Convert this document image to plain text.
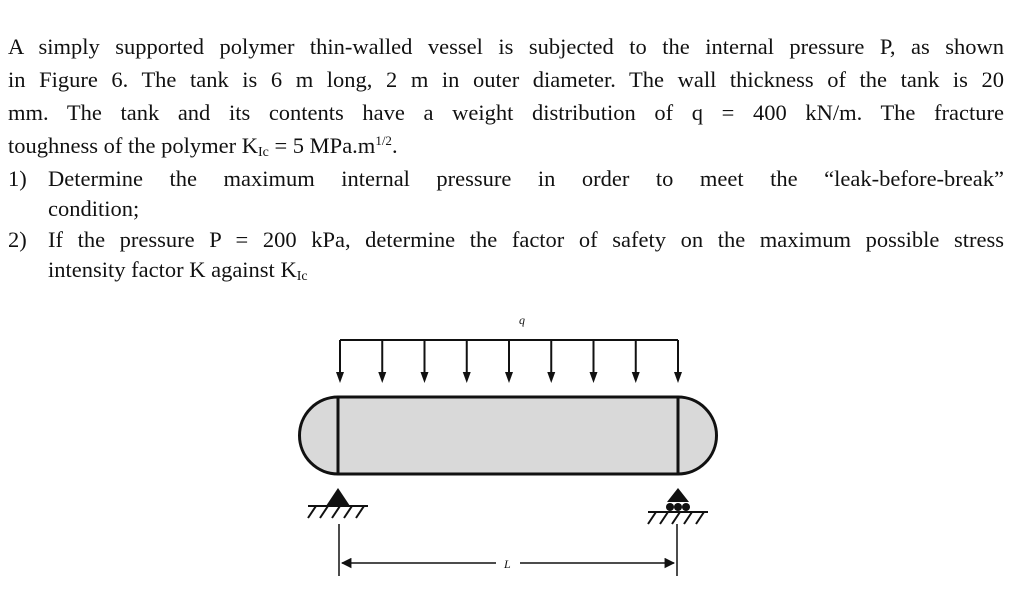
A simply supported polymer thin-walled vessel is subjected to the internal pressure P, as shown
in Figure 6. The tank is 6 m long, 2 m in outer diameter. The wall thickness of the tank is 20
mm. The tank and its contents have a weight distribution of q = 400 kN/m. The fracture
toughness of the polymer $K_{Ic} = 5$ $MPa.m^{1/2}$.
1) Determine the maximum internal pressure in order to meet the “leak-before-break”
condition;
2) If the pressure P = 200 kPa, determine the factor of safety on the maximum possible stress
intensity factor K against $K_{Ic}$
q
L
